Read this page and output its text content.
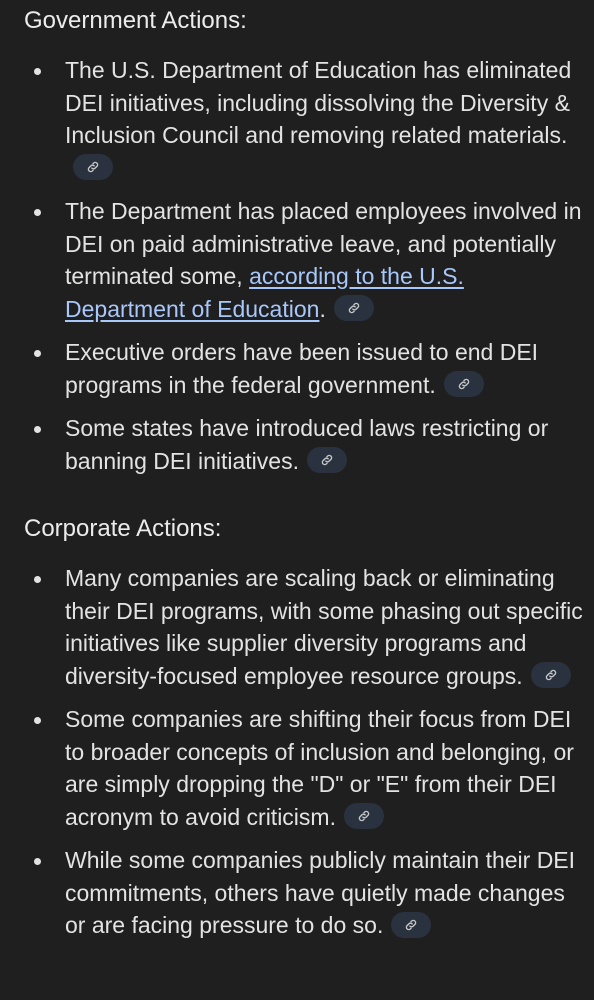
Government Actions:
The U.S. Department of Education has eliminated DEI initiatives, including dissolving the Diversity & Inclusion Council and removing related materials.
The Department has placed employees involved in DEI on paid administrative leave, and potentially terminated some, according to the U.S. Department of Education.
Executive orders have been issued to end DEI programs in the federal government.
Some states have introduced laws restricting or banning DEI initiatives.
Corporate Actions:
Many companies are scaling back or eliminating their DEI programs, with some phasing out specific initiatives like supplier diversity programs and diversity-focused employee resource groups.
Some companies are shifting their focus from DEI to broader concepts of inclusion and belonging, or are simply dropping the "D" or "E" from their DEI acronym to avoid criticism.
While some companies publicly maintain their DEI commitments, others have quietly made changes or are facing pressure to do so.
